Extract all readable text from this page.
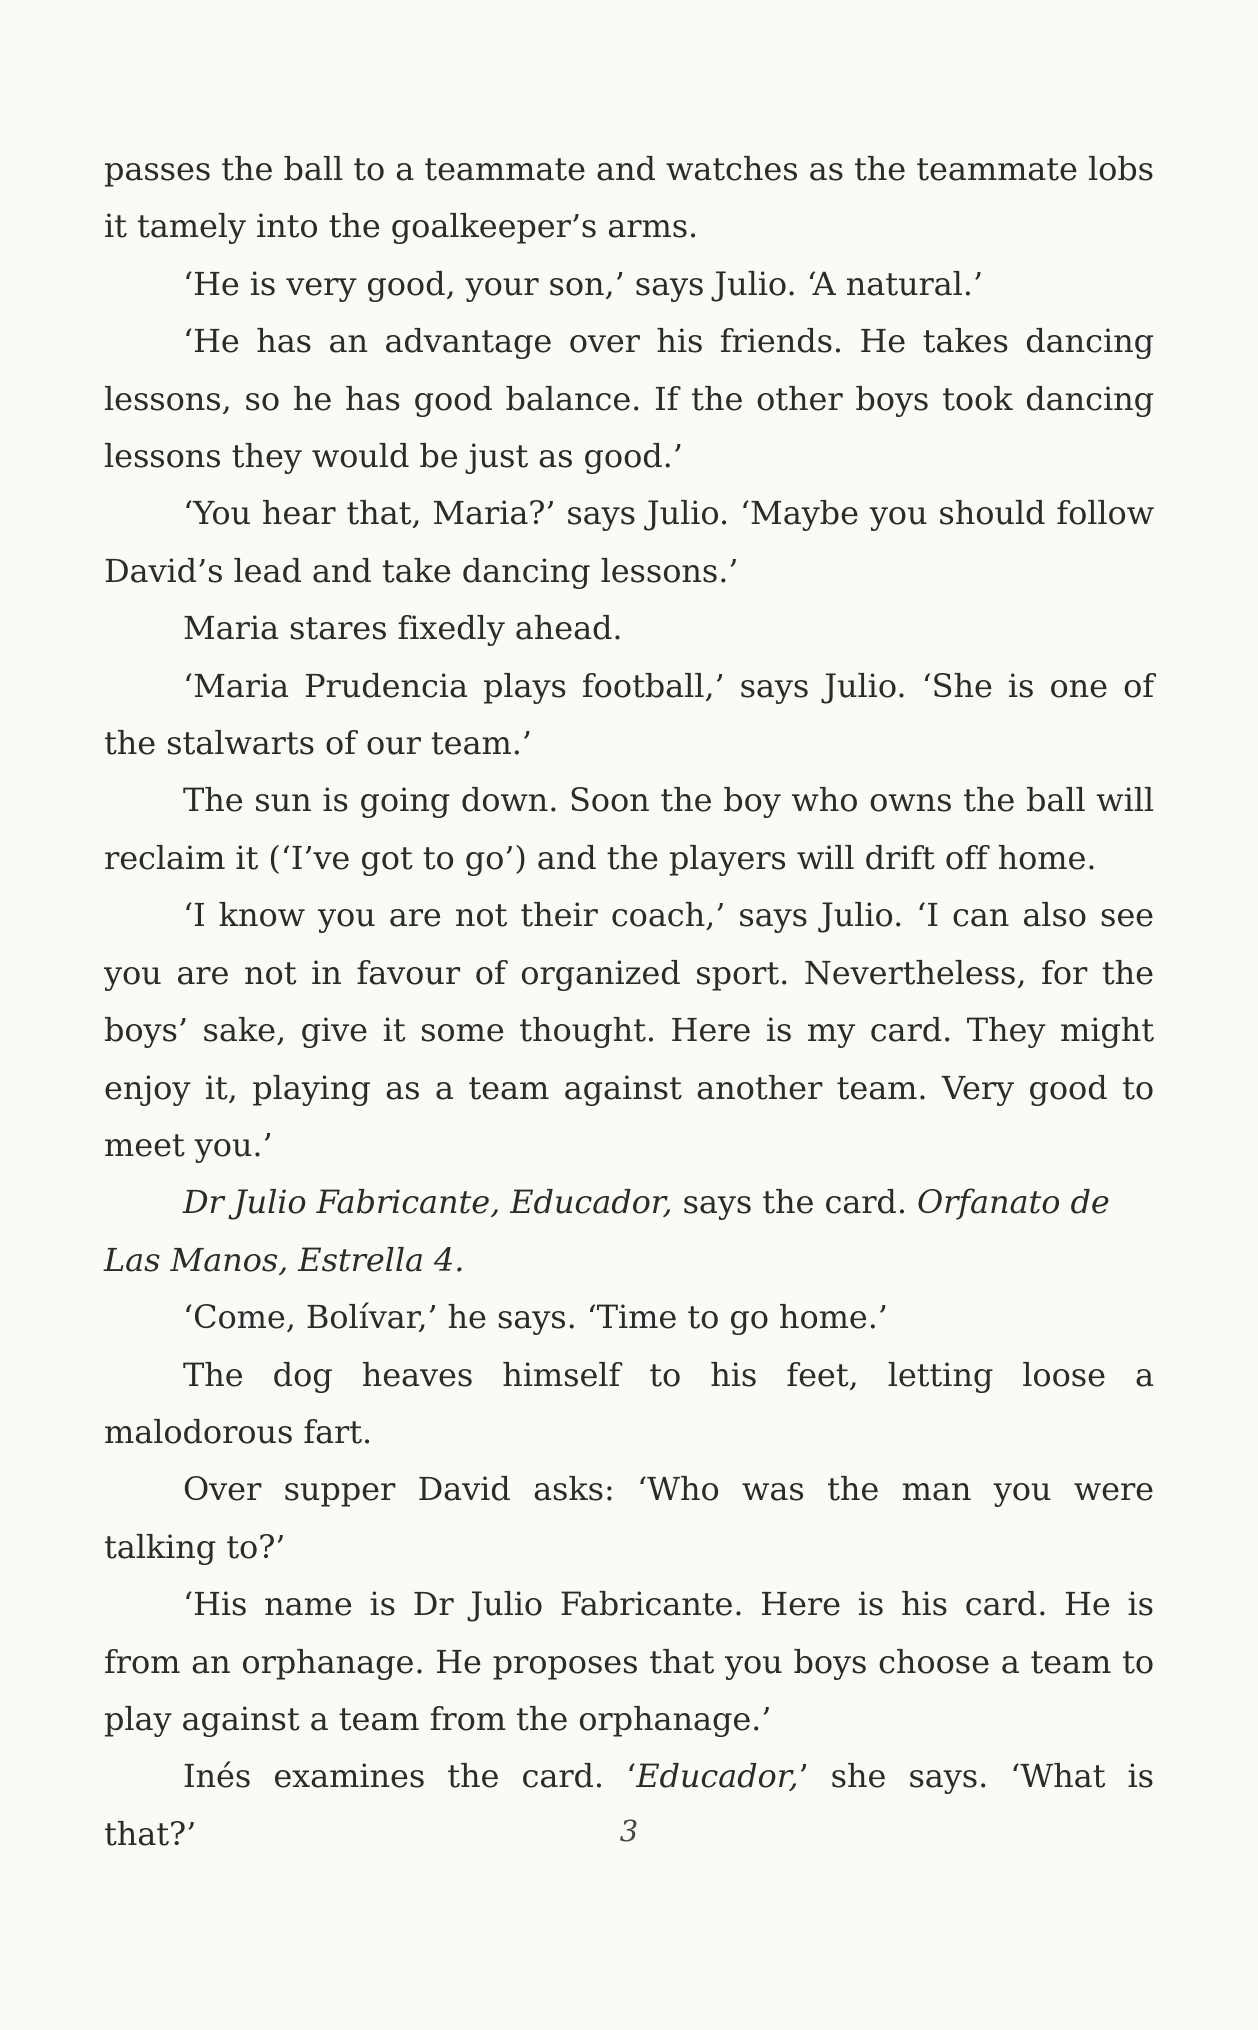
passes the ball to a teammate and watches as the teammate lobs it tamely into the goalkeeper’s arms.

‘He is very good, your son,’ says Julio. ‘A natural.’

‘He has an advantage over his friends. He takes dancing lessons, so he has good balance. If the other boys took dancing lessons they would be just as good.’

‘You hear that, Maria?’ says Julio. ‘Maybe you should follow David’s lead and take dancing lessons.’

Maria stares fixedly ahead.

‘Maria Prudencia plays football,’ says Julio. ‘She is one of the stalwarts of our team.’

The sun is going down. Soon the boy who owns the ball will reclaim it (‘I’ve got to go’) and the players will drift off home.

‘I know you are not their coach,’ says Julio. ‘I can also see you are not in favour of organized sport. Nevertheless, for the boys’ sake, give it some thought. Here is my card. They might enjoy it, playing as a team against another team. Very good to meet you.’

Dr Julio Fabricante, Educador, says the card. Orfanato de Las Manos, Estrella 4.

‘Come, Bolívar,’ he says. ‘Time to go home.’

The dog heaves himself to his feet, letting loose a malodorous fart.

Over supper David asks: ‘Who was the man you were talking to?’

‘His name is Dr Julio Fabricante. Here is his card. He is from an orphanage. He proposes that you boys choose a team to play against a team from the orphanage.’

Inés examines the card. ‘Educador,’ she says. ‘What is that?’	3
